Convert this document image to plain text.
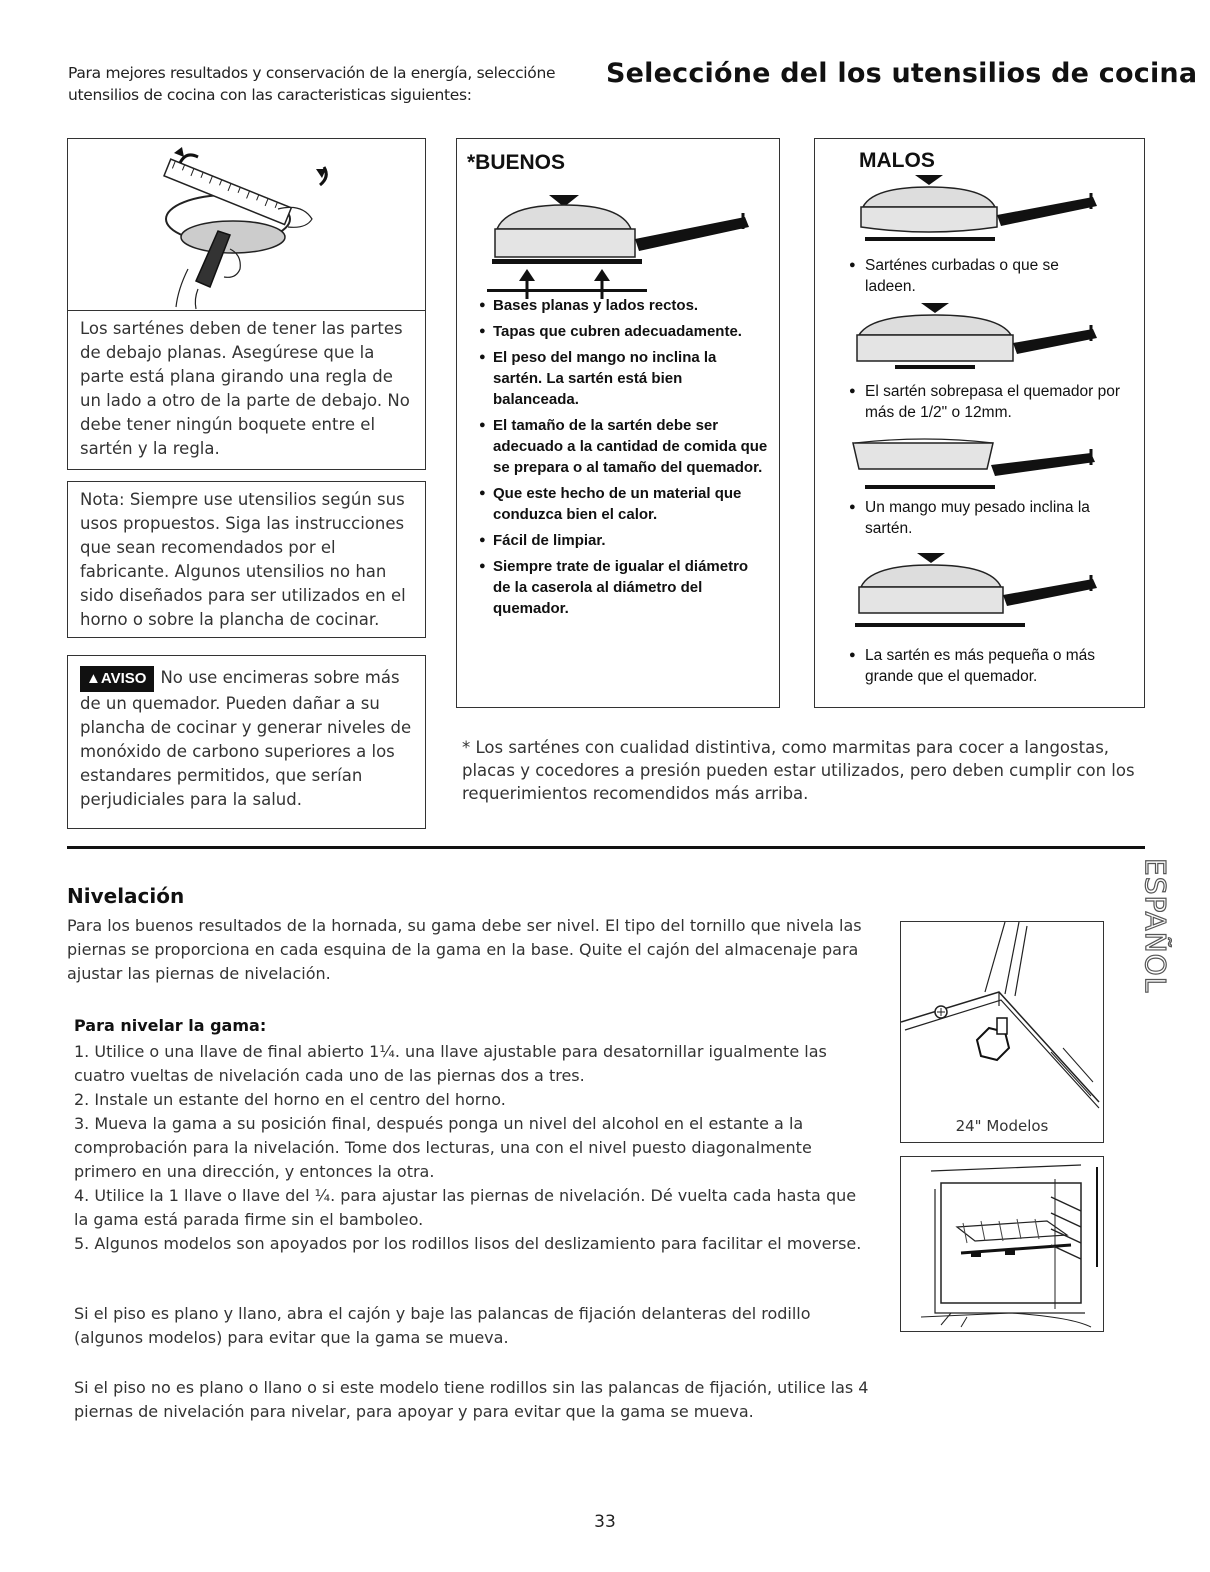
Para mejores resultados y conservación de la energía, selecciónе utensilios de cocina con las caracteristicas siguientes:
Selecciónе del los utensilios de cocina
Los sarténes deben de tener las partes de debajo planas. Asegúrese que la parte está plana girando una regla de un lado a otro de la parte de debajo. No debe tener ningún boquete entre el sartén y la regla.
Nota: Siempre use utensilios según sus usos propuestos. Siga las instrucciones que sean recomendados por el fabricante. Algunos utensilios no han sido diseñados para ser utilizados en el horno o sobre la plancha de cocinar.
▲AVISO No use encimeras sobre más de un quemador. Pueden dañar a su plancha de cocinar y generar niveles de monóxido de carbono superiores a los estandares permitidos, que serían perjudiciales para la salud.
*BUENOS
● Bases planas y lados rectos.
● Tapas que cubren adecuadamente.
● El peso del mango no inclina la sartén. La sartén está bien balanceada.
● El tamaño de la sartén debe ser adecuado a la cantidad de comida que se prepara o al tamaño del quemador.
● Que este hecho de un material que conduzca bien el calor.
● Fácil de limpiar.
● Siempre trate de igualar el diámetro de la caserola al diámetro del quemador.
MALOS
● Sarténes curbadas o que se ladeen.
● El sartén sobrepasa el quemador por más de 1/2" o 12mm.
● Un mango muy pesado inclina la sartén.
● La sartén es más pequeña o más grande que el quemador.
* Los sarténes con cualidad distintiva, como marmitas para cocer a langostas, placas y cocedores a presión pueden estar utilizados, pero deben cumplir con los requerimientos recomendidos más arriba.
ESPAÑOL
Nivelación
Para los buenos resultados de la hornada, su gama debe ser nivel. El tipo del tornillo que nivela las piernas se proporciona en cada esquina de la gama en la base. Quite el cajón del almacenaje para ajustar las piernas de nivelación.
Para nivelar la gama:
1. Utilice o una llave de final abierto 1¼. una llave ajustable para desatornillar igualmente las cuatro vueltas de nivelación cada uno de las piernas dos a tres.
2. Instale un estante del horno en el centro del horno.
3. Mueva la gama a su posición final, después ponga un nivel del alcohol en el estante a la comprobación para la nivelación. Tome dos lecturas, una con el nivel puesto diagonalmente primero en una dirección, y entonces la otra.
4. Utilice la 1 llave o llave del ¼. para ajustar las piernas de nivelación. Dé vuelta cada hasta que la gama está parada firme sin el bamboleo.
5. Algunos modelos son apoyados por los rodillos lisos del deslizamiento para facilitar el moverse.
Si el piso es plano y llano, abra el cajón y baje las palancas de fijación delanteras del rodillo (algunos modelos) para evitar que la gama se mueva.
Si el piso no es plano o llano o si este modelo tiene rodillos sin las palancas de fijación, utilice las 4 piernas de nivelación para nivelar, para apoyar y para evitar que la gama se mueva.
24" Modelos
33
